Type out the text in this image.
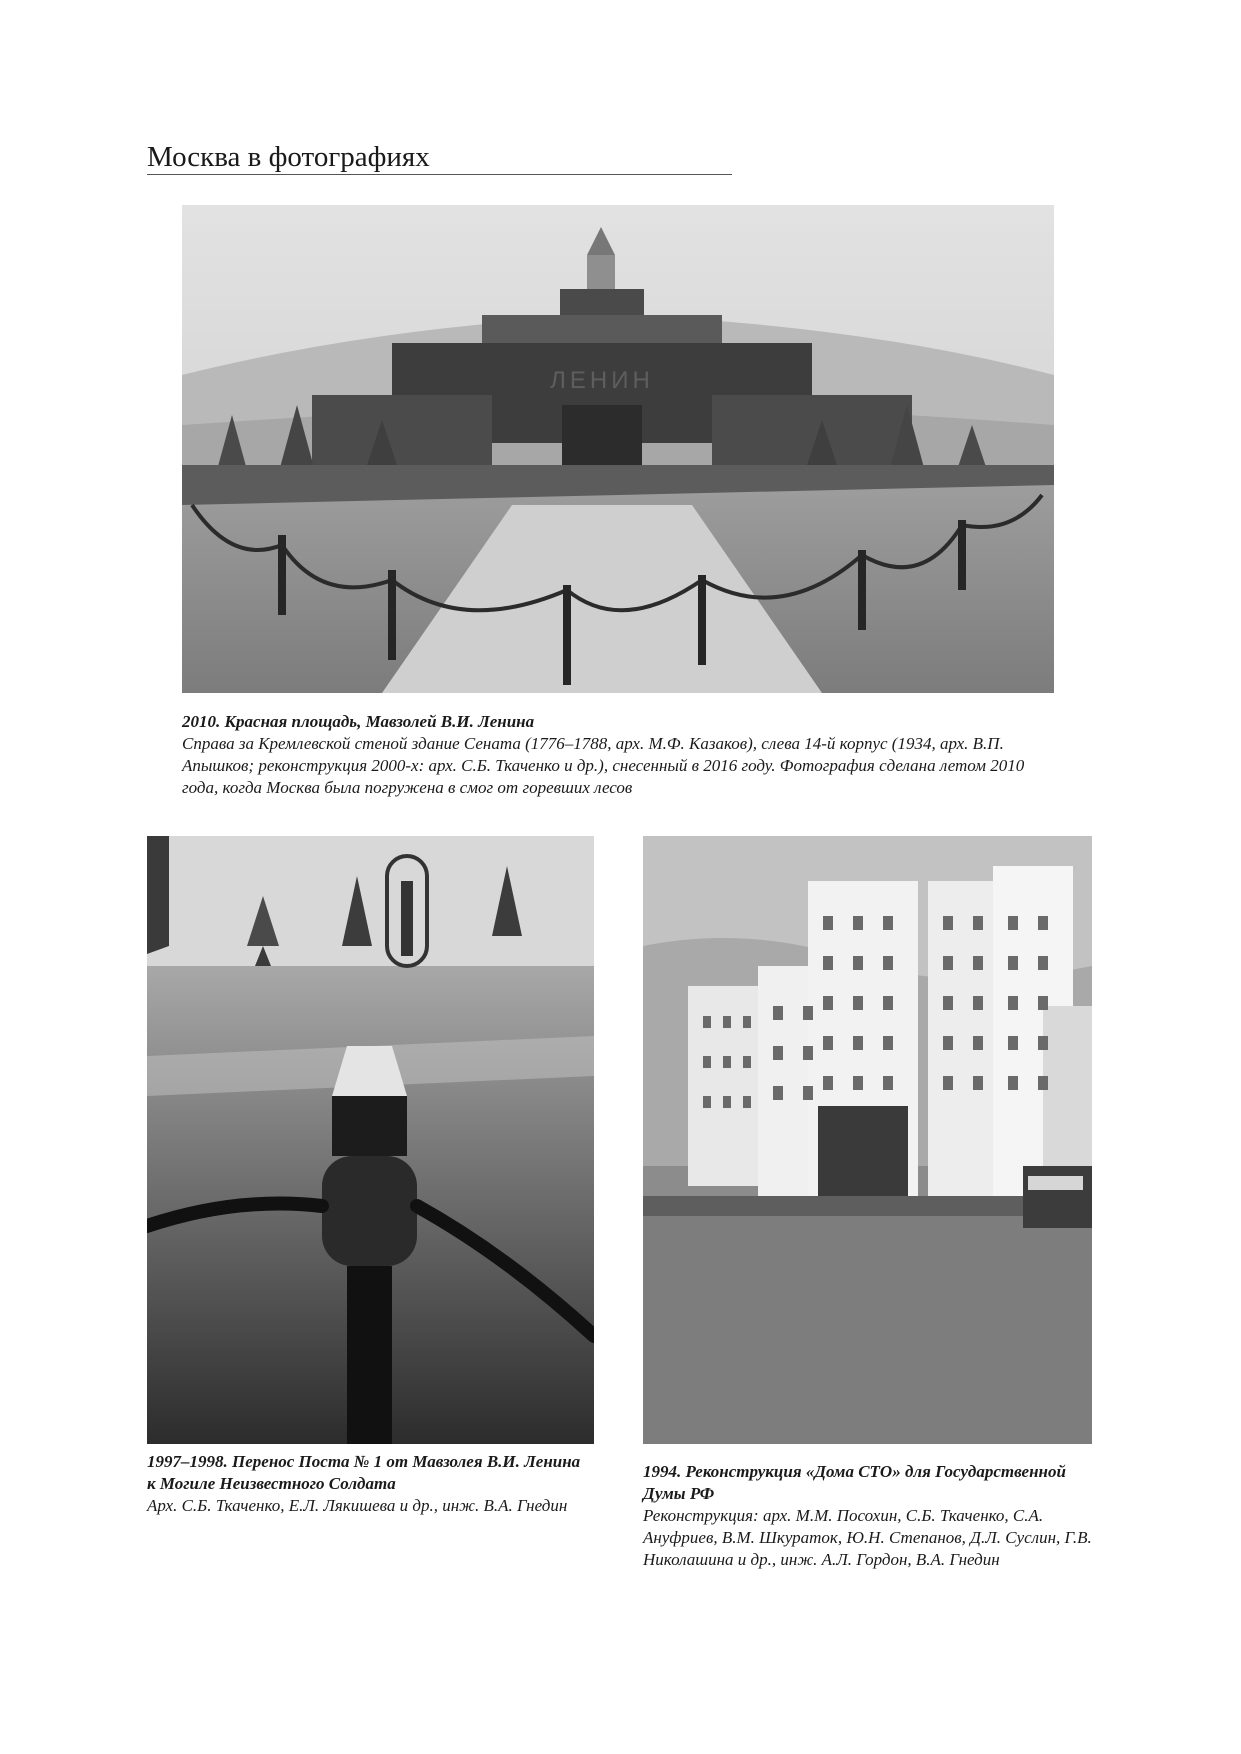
Москва в фотографиях
ЛЕНИН
2010. Красная площадь, Мавзолей В.И. Ленина
Справа за Кремлевской стеной здание Сената (1776–1788, арх. М.Ф. Казаков), слева 14-й корпус (1934, арх. В.П. Апышков; реконструкция 2000-х: арх. С.Б. Ткаченко и др.), снесенный в 2016 году. Фотография сделана летом 2010 года, когда Москва была погружена в смог от горевших лесов
1997–1998. Перенос Поста № 1 от Мавзолея В.И. Ленина к Могиле Неизвестного Солдата
Арх. С.Б. Ткаченко, Е.Л. Лякишева и др., инж. В.А. Гнедин
1994. Реконструкция «Дома СТО» для Государственной Думы РФ
Реконструкция: арх. М.М. Посохин, С.Б. Ткаченко, С.А. Ануфриев, В.М. Шкураток, Ю.Н. Степанов, Д.Л. Суслин, Г.В. Николашина и др., инж. А.Л. Гордон, В.А. Гнедин
